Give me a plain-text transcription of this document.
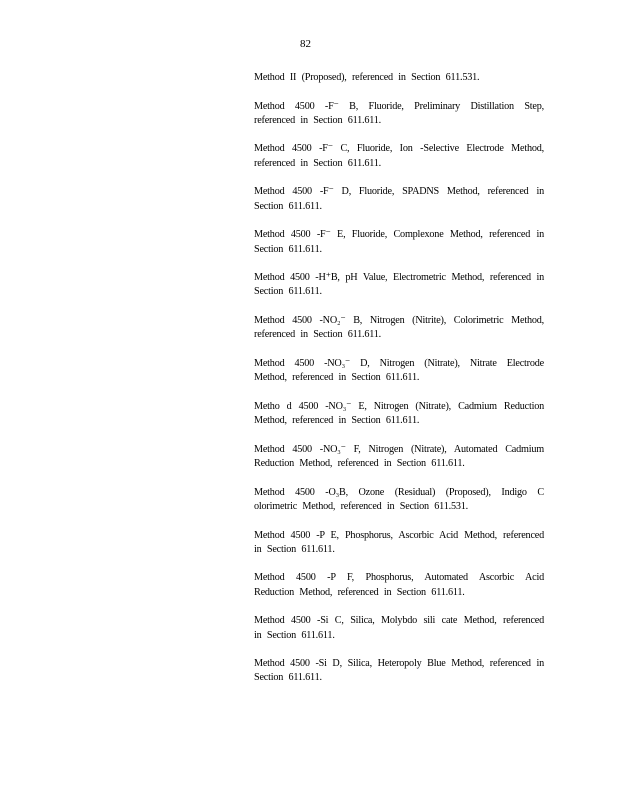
82

Method II (Proposed), referenced in Section 611.531.

Method 4500 -F⁻ B, Fluoride, Preliminary Distillation Step, referenced in Section 611.611.

Method 4500 -F⁻ C, Fluoride, Ion -Selective Electrode Method, referenced in Section 611.611.

Method 4500 -F⁻ D, Fluoride, SPADNS Method, referenced in Section 611.611.

Method 4500 -F⁻ E, Fluoride, Complexone Method, referenced in Section 611.611.

Method 4500 -H⁺B, pH Value, Electrometric Method, referenced in Section 611.611.

Method 4500 -NO₂⁻ B, Nitrogen (Nitrite), Colorimetric Method, referenced in Section 611.611.

Method 4500 -NO₃⁻ D, Nitrogen (Nitrate), Nitrate Electrode Method, referenced in Section 611.611.

Metho d 4500 -NO₃⁻ E, Nitrogen (Nitrate), Cadmium Reduction Method, referenced in Section 611.611.

Method 4500 -NO₃⁻ F, Nitrogen (Nitrate), Automated Cadmium Reduction Method, referenced in Section 611.611.

Method 4500 -O₃B, Ozone (Residual) (Proposed), Indigo C olorimetric Method, referenced in Section 611.531.

Method 4500 -P E, Phosphorus, Ascorbic Acid Method, referenced in Section 611.611.

Method 4500 -P F, Phosphorus, Automated Ascorbic Acid Reduction Method, referenced in Section 611.611.

Method 4500 -Si C, Silica, Molybdo sili cate Method, referenced in Section 611.611.

Method 4500 -Si D, Silica, Heteropoly Blue Method, referenced in Section 611.611.
